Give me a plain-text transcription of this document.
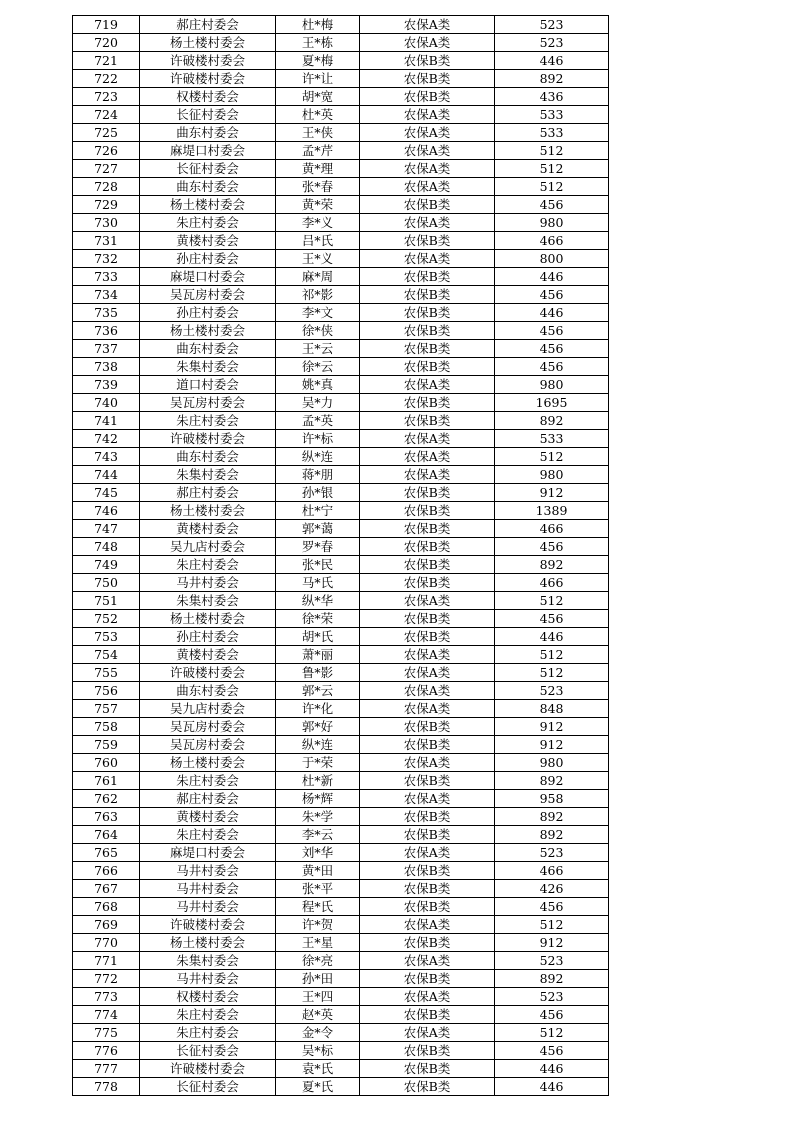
719	郝庄村委会	杜*梅	农保A类	523
720	杨土楼村委会	王*栋	农保A类	523
721	许破楼村委会	夏*梅	农保B类	446
722	许破楼村委会	许*让	农保B类	892
723	权楼村委会	胡*宽	农保B类	436
724	长征村委会	杜*英	农保A类	533
725	曲东村委会	王*侠	农保A类	533
726	麻堤口村委会	孟*芹	农保A类	512
727	长征村委会	黄*理	农保A类	512
728	曲东村委会	张*春	农保A类	512
729	杨土楼村委会	黄*荣	农保B类	456
730	朱庄村委会	李*义	农保A类	980
731	黄楼村委会	吕*氏	农保B类	466
732	孙庄村委会	王*义	农保A类	800
733	麻堤口村委会	麻*周	农保B类	446
734	吴瓦房村委会	祁*影	农保B类	456
735	孙庄村委会	李*文	农保B类	446
736	杨土楼村委会	徐*侠	农保B类	456
737	曲东村委会	王*云	农保B类	456
738	朱集村委会	徐*云	农保B类	456
739	道口村委会	姚*真	农保A类	980
740	吴瓦房村委会	吴*力	农保B类	1695
741	朱庄村委会	孟*英	农保B类	892
742	许破楼村委会	许*标	农保A类	533
743	曲东村委会	纵*连	农保A类	512
744	朱集村委会	蒋*朋	农保A类	980
745	郝庄村委会	孙*银	农保B类	912
746	杨土楼村委会	杜*宁	农保B类	1389
747	黄楼村委会	郭*蔼	农保B类	466
748	吴九店村委会	罗*春	农保B类	456
749	朱庄村委会	张*民	农保B类	892
750	马井村委会	马*氏	农保B类	466
751	朱集村委会	纵*华	农保A类	512
752	杨土楼村委会	徐*荣	农保B类	456
753	孙庄村委会	胡*氏	农保B类	446
754	黄楼村委会	萧*丽	农保A类	512
755	许破楼村委会	鲁*影	农保A类	512
756	曲东村委会	郭*云	农保A类	523
757	吴九店村委会	许*化	农保A类	848
758	吴瓦房村委会	郭*好	农保B类	912
759	吴瓦房村委会	纵*连	农保B类	912
760	杨土楼村委会	于*荣	农保A类	980
761	朱庄村委会	杜*新	农保B类	892
762	郝庄村委会	杨*辉	农保A类	958
763	黄楼村委会	朱*学	农保B类	892
764	朱庄村委会	李*云	农保B类	892
765	麻堤口村委会	刘*华	农保A类	523
766	马井村委会	黄*田	农保B类	466
767	马井村委会	张*平	农保B类	426
768	马井村委会	程*氏	农保B类	456
769	许破楼村委会	许*贺	农保A类	512
770	杨土楼村委会	王*星	农保B类	912
771	朱集村委会	徐*亮	农保A类	523
772	马井村委会	孙*田	农保B类	892
773	权楼村委会	王*四	农保A类	523
774	朱庄村委会	赵*英	农保B类	456
775	朱庄村委会	金*令	农保A类	512
776	长征村委会	吴*标	农保B类	456
777	许破楼村委会	袁*氏	农保B类	446
778	长征村委会	夏*氏	农保B类	446
